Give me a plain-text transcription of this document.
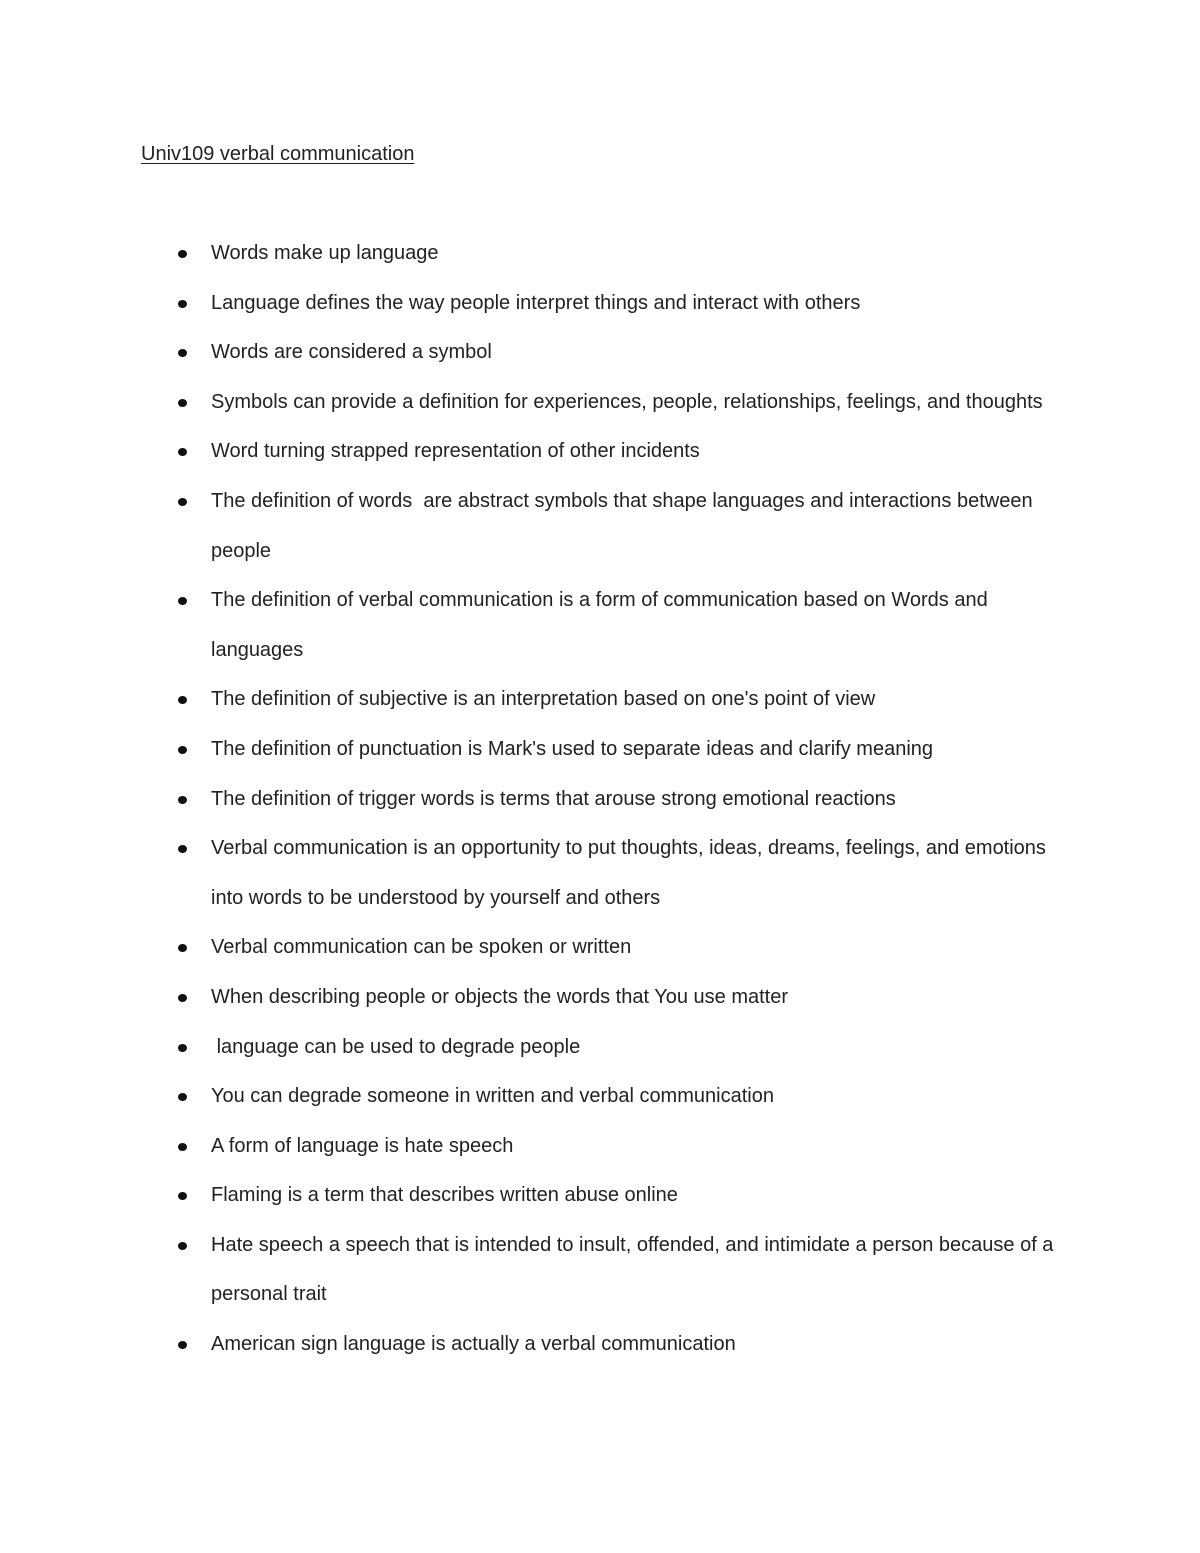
Univ109 verbal communication
Words make up language
Language defines the way people interpret things and interact with others
Words are considered a symbol
Symbols can provide a definition for experiences, people, relationships, feelings, and thoughts
Word turning strapped representation of other incidents
The definition of words  are abstract symbols that shape languages and interactions between people
The definition of verbal communication is a form of communication based on Words and languages
The definition of subjective is an interpretation based on one's point of view
The definition of punctuation is Mark's used to separate ideas and clarify meaning
The definition of trigger words is terms that arouse strong emotional reactions
Verbal communication is an opportunity to put thoughts, ideas, dreams, feelings, and emotions into words to be understood by yourself and others
Verbal communication can be spoken or written
When describing people or objects the words that You use matter
language can be used to degrade people
You can degrade someone in written and verbal communication
A form of language is hate speech
Flaming is a term that describes written abuse online
Hate speech a speech that is intended to insult, offended, and intimidate a person because of a personal trait
American sign language is actually a verbal communication
